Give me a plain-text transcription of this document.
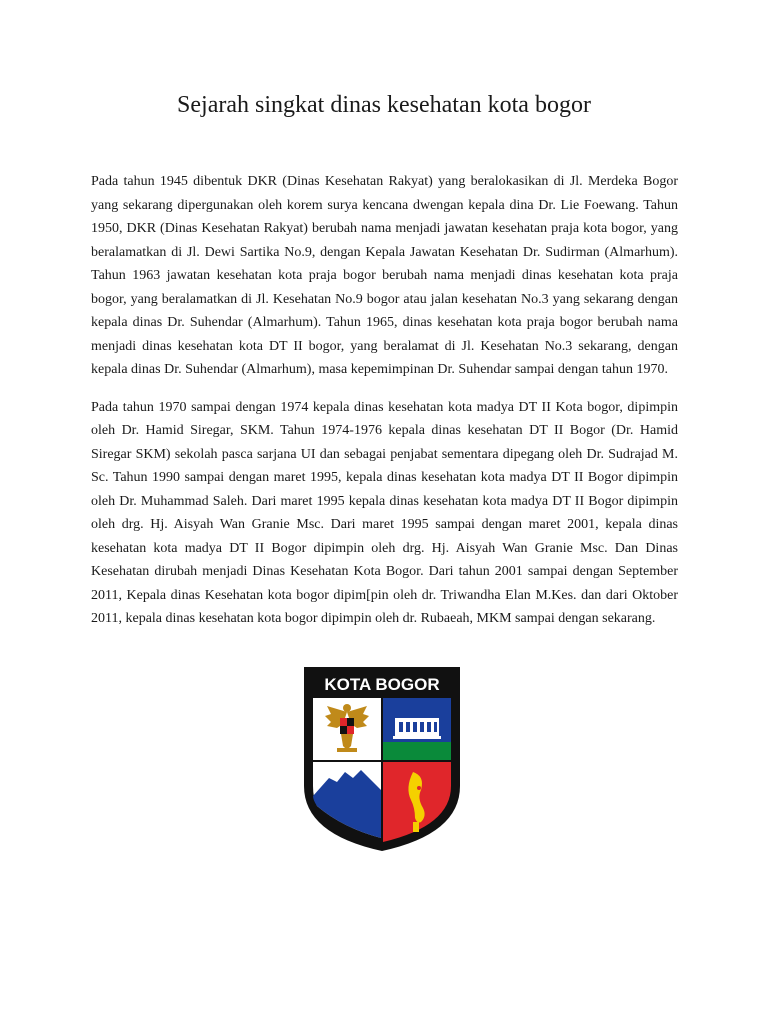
Sejarah singkat dinas kesehatan kota bogor

Pada tahun 1945 dibentuk DKR (Dinas Kesehatan Rakyat) yang beralokasikan di Jl. Merdeka Bogor yang sekarang dipergunakan oleh korem surya kencana dwengan kepala dina Dr. Lie Foewang. Tahun 1950, DKR (Dinas Kesehatan Rakyat) berubah nama menjadi jawatan kesehatan praja kota bogor, yang beralamatkan di Jl. Dewi Sartika No.9, dengan Kepala Jawatan Kesehatan Dr. Sudirman (Almarhum). Tahun 1963 jawatan kesehatan kota praja bogor berubah nama menjadi dinas kesehatan kota praja bogor, yang beralamatkan di Jl. Kesehatan No.9 bogor atau jalan kesehatan No.3 yang sekarang dengan kepala dinas Dr. Suhendar (Almarhum). Tahun 1965, dinas kesehatan kota praja bogor berubah nama menjadi dinas kesehatan kota DT II bogor, yang beralamat di Jl. Kesehatan No.3 sekarang, dengan kepala dinas Dr. Suhendar (Almarhum), masa kepemimpinan Dr. Suhendar sampai dengan tahun 1970.

Pada tahun 1970 sampai dengan 1974 kepala dinas kesehatan kota madya DT II Kota bogor, dipimpin oleh Dr. Hamid Siregar, SKM. Tahun 1974-1976 kepala dinas kesehatan DT II Bogor (Dr. Hamid Siregar SKM) sekolah pasca sarjana UI dan sebagai penjabat sementara dipegang oleh Dr. Sudrajad M. Sc. Tahun 1990 sampai dengan maret 1995, kepala dinas kesehatan kota madya DT II Bogor dipimpin oleh Dr. Muhammad Saleh. Dari maret 1995 kepala dinas kesehatan kota madya DT II Bogor dipimpin oleh drg. Hj. Aisyah Wan Granie Msc. Dari maret 1995 sampai dengan maret 2001, kepala dinas kesehatan kota madya DT II Bogor dipimpin oleh drg. Hj. Aisyah Wan Granie Msc. Dan Dinas Kesehatan dirubah menjadi Dinas Kesehatan Kota Bogor. Dari tahun 2001 sampai dengan September 2011, Kepala dinas Kesehatan kota bogor dipim[pin oleh dr. Triwandha Elan M.Kes. dan dari Oktober 2011, kepala dinas kesehatan kota bogor dipimpin oleh dr. Rubaeah, MKM sampai dengan sekarang.

KOTA BOGOR
